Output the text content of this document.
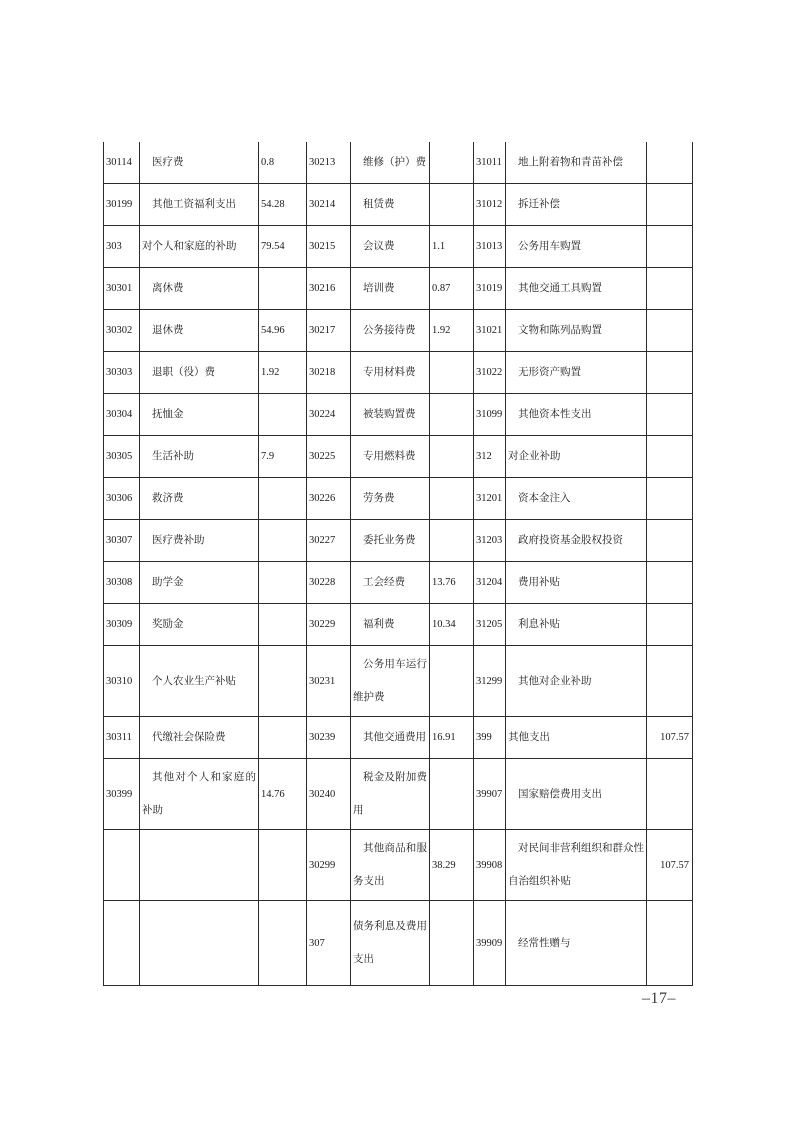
30114	医疗费	0.8	30213	维修（护）费		31011	地上附着物和青苗补偿	
30199	其他工资福利支出	54.28	30214	租赁费		31012	拆迁补偿	
303	对个人和家庭的补助	79.54	30215	会议费	1.1	31013	公务用车购置	
30301	离休费		30216	培训费	0.87	31019	其他交通工具购置	
30302	退休费	54.96	30217	公务接待费	1.92	31021	文物和陈列品购置	
30303	退职（役）费	1.92	30218	专用材料费		31022	无形资产购置	
30304	抚恤金		30224	被装购置费		31099	其他资本性支出	
30305	生活补助	7.9	30225	专用燃料费		312	对企业补助	
30306	救济费		30226	劳务费		31201	资本金注入	
30307	医疗费补助		30227	委托业务费		31203	政府投资基金股权投资	
30308	助学金		30228	工会经费	13.76	31204	费用补贴	
30309	奖励金		30229	福利费	10.34	31205	利息补贴	
30310	个人农业生产补贴		30231	公务用车运行维护费		31299	其他对企业补助	
30311	代缴社会保险费		30239	其他交通费用	16.91	399	其他支出	107.57
30399	其他对个人和家庭的补助	14.76	30240	税金及附加费用		39907	国家赔偿费用支出	
			30299	其他商品和服务支出	38.29	39908	对民间非营利组织和群众性自治组织补贴	107.57
			307	债务利息及费用支出		39909	经常性赠与	
–17–
